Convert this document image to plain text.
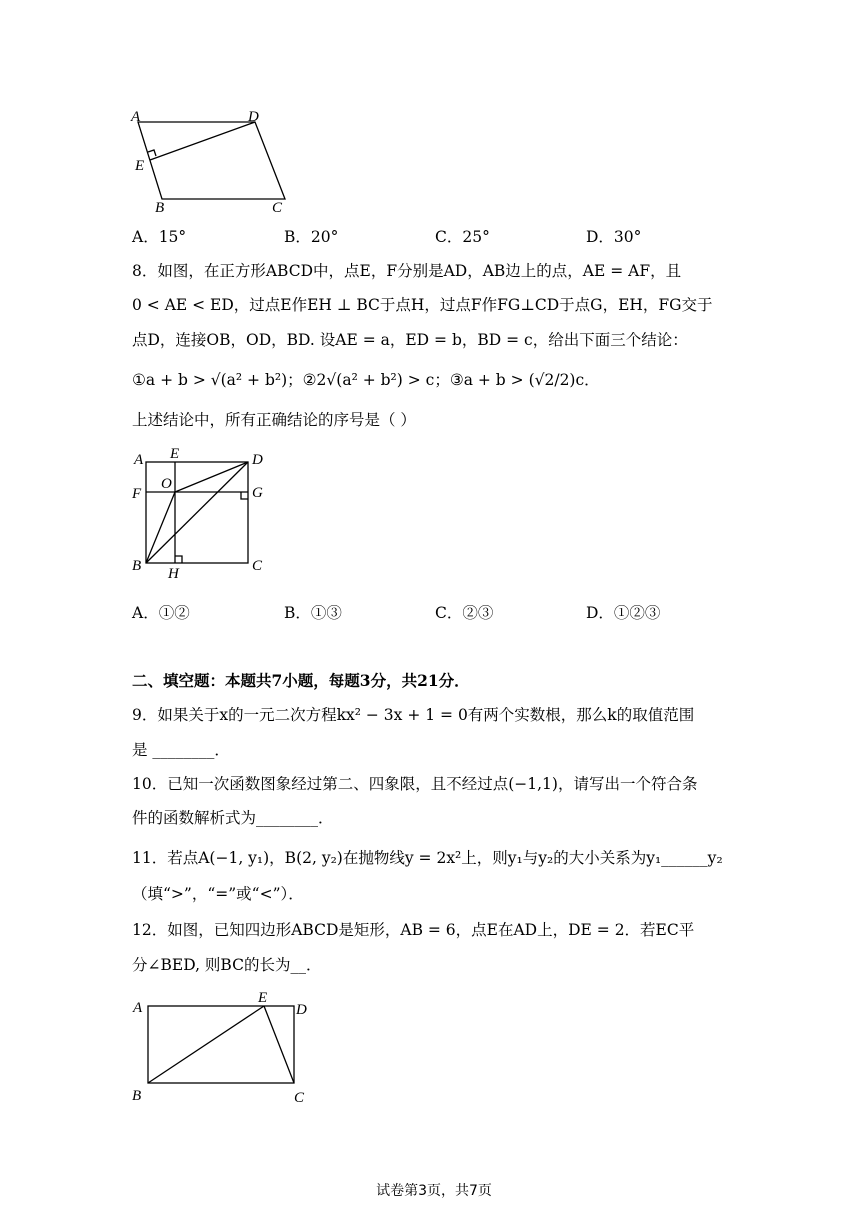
A	D
E
B	C
A．15°	B．20°	C．25°	D．30°
8．如图，在正方形ABCD中，点E，F分别是AD，AB边上的点，AE = AF，且
0 < AE < ED，过点E作EH ⊥ BC于点H，过点F作FG⊥CD于点G，EH，FG交于
点D，连接OB，OD，BD. 设AE = a，ED = b，BD = c，给出下面三个结论：
①a + b > √(a² + b²)；②2√(a² + b²) > c；③a + b > (√2/2)c．
上述结论中，所有正确结论的序号是（ ）
A E	D
F
O
G
B H	C
A．①②	B．①③	C．②③	D．①②③
二、填空题：本题共7小题，每题3分，共21分．
9．如果关于x的一元二次方程kx² − 3x + 1 = 0有两个实数根，那么k的取值范围
是 ________．
10．已知一次函数图象经过第二、四象限，且不经过点(−1,1)，请写出一个符合条
件的函数解析式为________．
11．若点A(−1, y₁)，B(2, y₂)在抛物线y = 2x²上，则y₁与y₂的大小关系为y₁______y₂
（填“>”，“=”或“<”）．
12．如图，已知四边形ABCD是矩形，AB = 6，点E在AD上，DE = 2．若EC平
分∠BED, 则BC的长为__．
A
E
D
B	C
试卷第3页，共7页
